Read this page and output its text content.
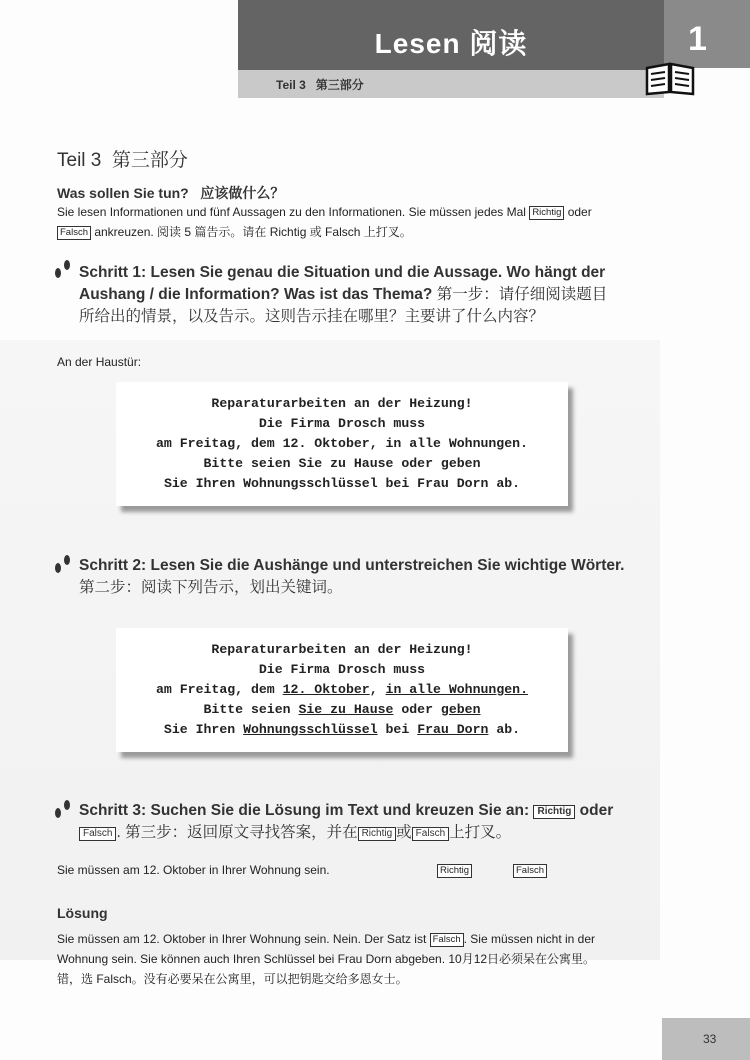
Lesen 阅读	1
Teil 3   第三部分
Teil 3  第三部分
Was sollen Sie tun?   应该做什么？
Sie lesen Informationen und fünf Aussagen zu den Informationen. Sie müssen jedes Mal Richtig oder
Falsch ankreuzen. 阅读 5 篇告示。请在 Richtig 或 Falsch 上打叉。
Schritt 1: Lesen Sie genau die Situation und die Aussage. Wo hängt der
Aushang / die Information? Was ist das Thema? 第一步：请仔细阅读题目
所给出的情景，以及告示。这则告示挂在哪里？主要讲了什么内容？
An der Haustür:
Reparaturarbeiten an der Heizung!
Die Firma Drosch muss
am Freitag, dem 12. Oktober, in alle Wohnungen.
Bitte seien Sie zu Hause oder geben
Sie Ihren Wohnungsschlüssel bei Frau Dorn ab.
Schritt 2: Lesen Sie die Aushänge und unterstreichen Sie wichtige Wörter.
第二步：阅读下列告示，划出关键词。
Reparaturarbeiten an der Heizung!
Die Firma Drosch muss
am Freitag, dem 12. Oktober, in alle Wohnungen.
Bitte seien Sie zu Hause oder geben
Sie Ihren Wohnungsschlüssel bei Frau Dorn ab.
Schritt 3: Suchen Sie die Lösung im Text und kreuzen Sie an: Richtig oder
Falsch . 第三步：返回原文寻找答案，并在 Richtig 或 Falsch 上打叉。
Sie müssen am 12. Oktober in Ihrer Wohnung sein.	Richtig	Falsch
Lösung
Sie müssen am 12. Oktober in Ihrer Wohnung sein. Nein. Der Satz ist Falsch . Sie müssen nicht in der
Wohnung sein. Sie können auch Ihren Schlüssel bei Frau Dorn abgeben. 10月12日必须呆在公寓里。
错，选 Falsch。没有必要呆在公寓里，可以把钥匙交给多恩女士。
33
